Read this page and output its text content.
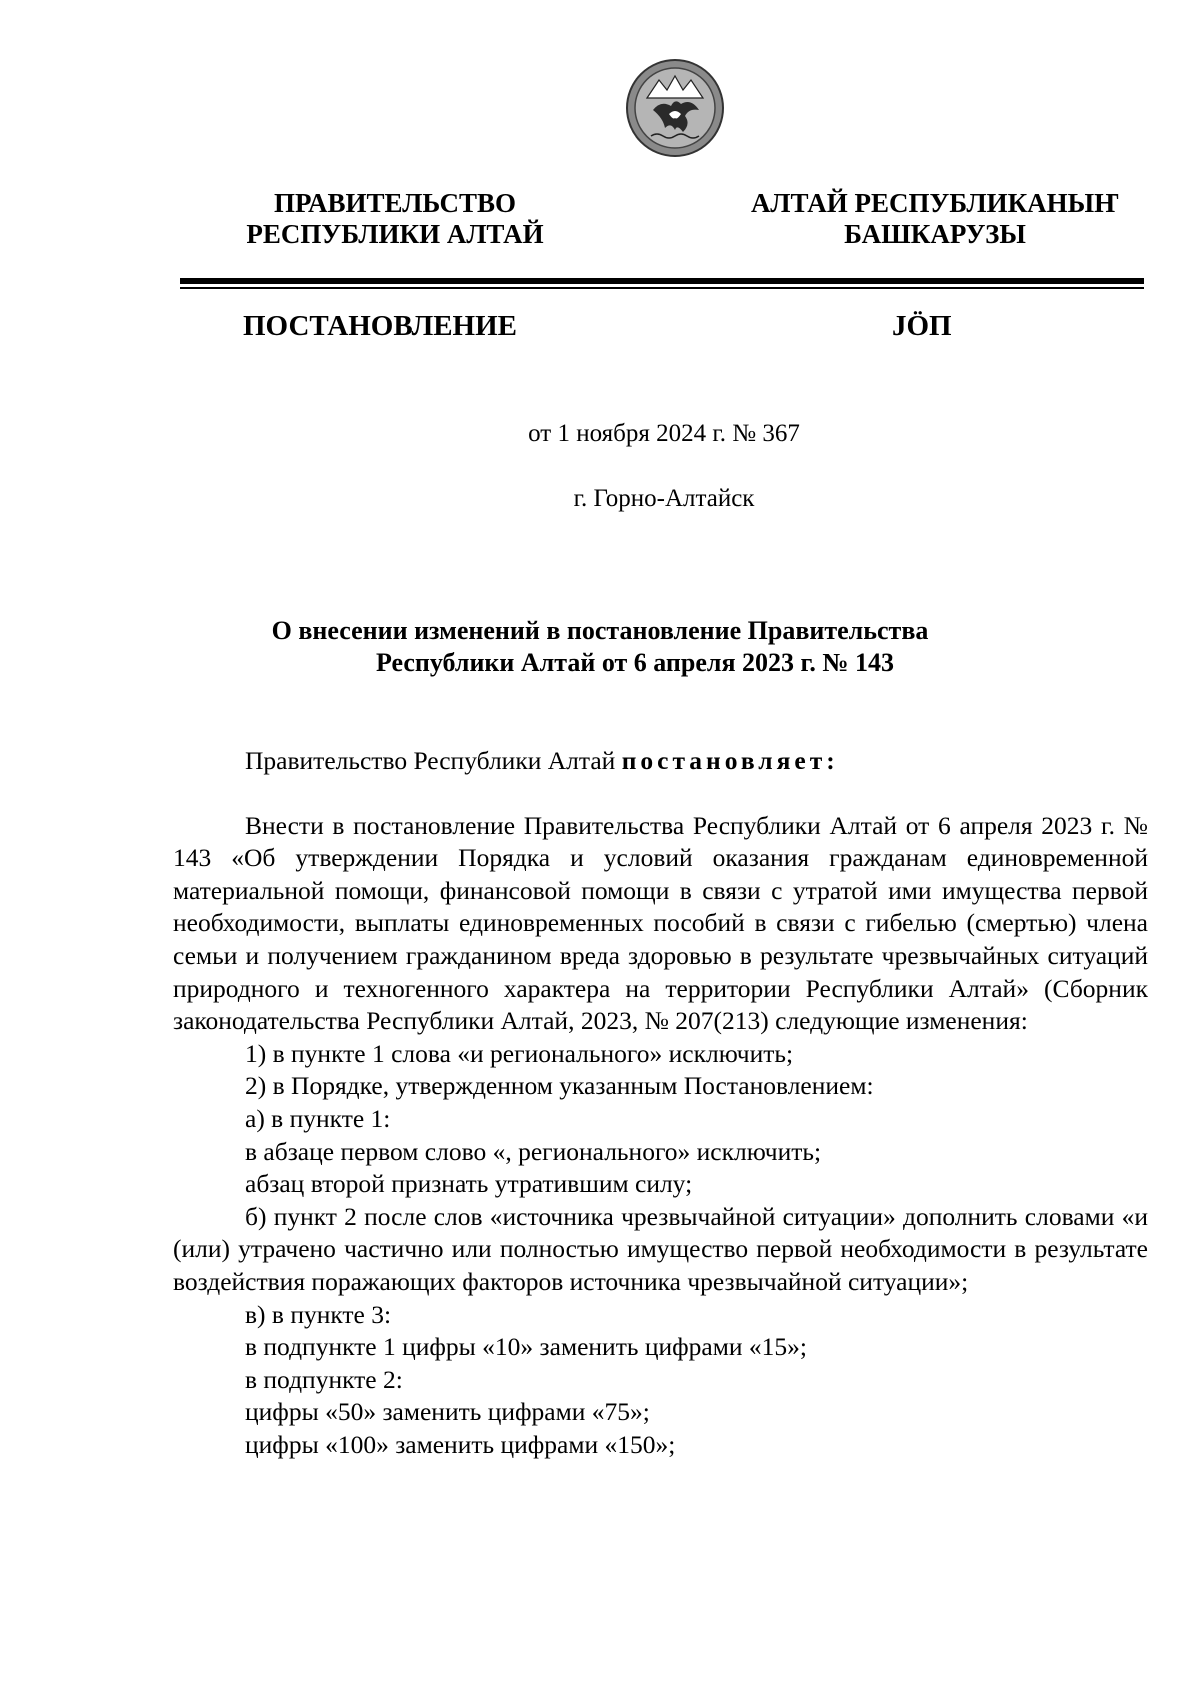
ПРАВИТЕЛЬСТВО
РЕСПУБЛИКИ АЛТАЙ
АЛТАЙ РЕСПУБЛИКАНЫҤ
БАШКАРУЗЫ
ПОСТАНОВЛЕНИЕ	JӦП
от 1 ноября 2024 г. № 367
г. Горно-Алтайск
О внесении изменений в постановление Правительства
Республики Алтай от 6 апреля 2023 г. № 143

Правительство Республики Алтай постановляет:

Внести в постановление Правительства Республики Алтай от 6 апреля 2023 г. № 143 «Об утверждении Порядка и условий оказания гражданам единовременной материальной помощи, финансовой помощи в связи с утратой ими имущества первой необходимости, выплаты единовременных пособий в связи с гибелью (смертью) члена семьи и получением гражданином вреда здоровью в результате чрезвычайных ситуаций природного и техногенного характера на территории Республики Алтай» (Сборник законодательства Республики Алтай, 2023, № 207(213) следующие изменения:

1) в пункте 1 слова «и регионального» исключить;

2) в Порядке, утвержденном указанным Постановлением:

а) в пункте 1:

в абзаце первом слово «, регионального» исключить;

абзац второй признать утратившим силу;

б) пункт 2 после слов «источника чрезвычайной ситуации» дополнить словами «и (или) утрачено частично или полностью имущество первой необходимости в результате воздействия поражающих факторов источника чрезвычайной ситуации»;

в) в пункте 3:

в подпункте 1 цифры «10» заменить цифрами «15»;

в подпункте 2:

цифры «50» заменить цифрами «75»;

цифры «100» заменить цифрами «150»;
